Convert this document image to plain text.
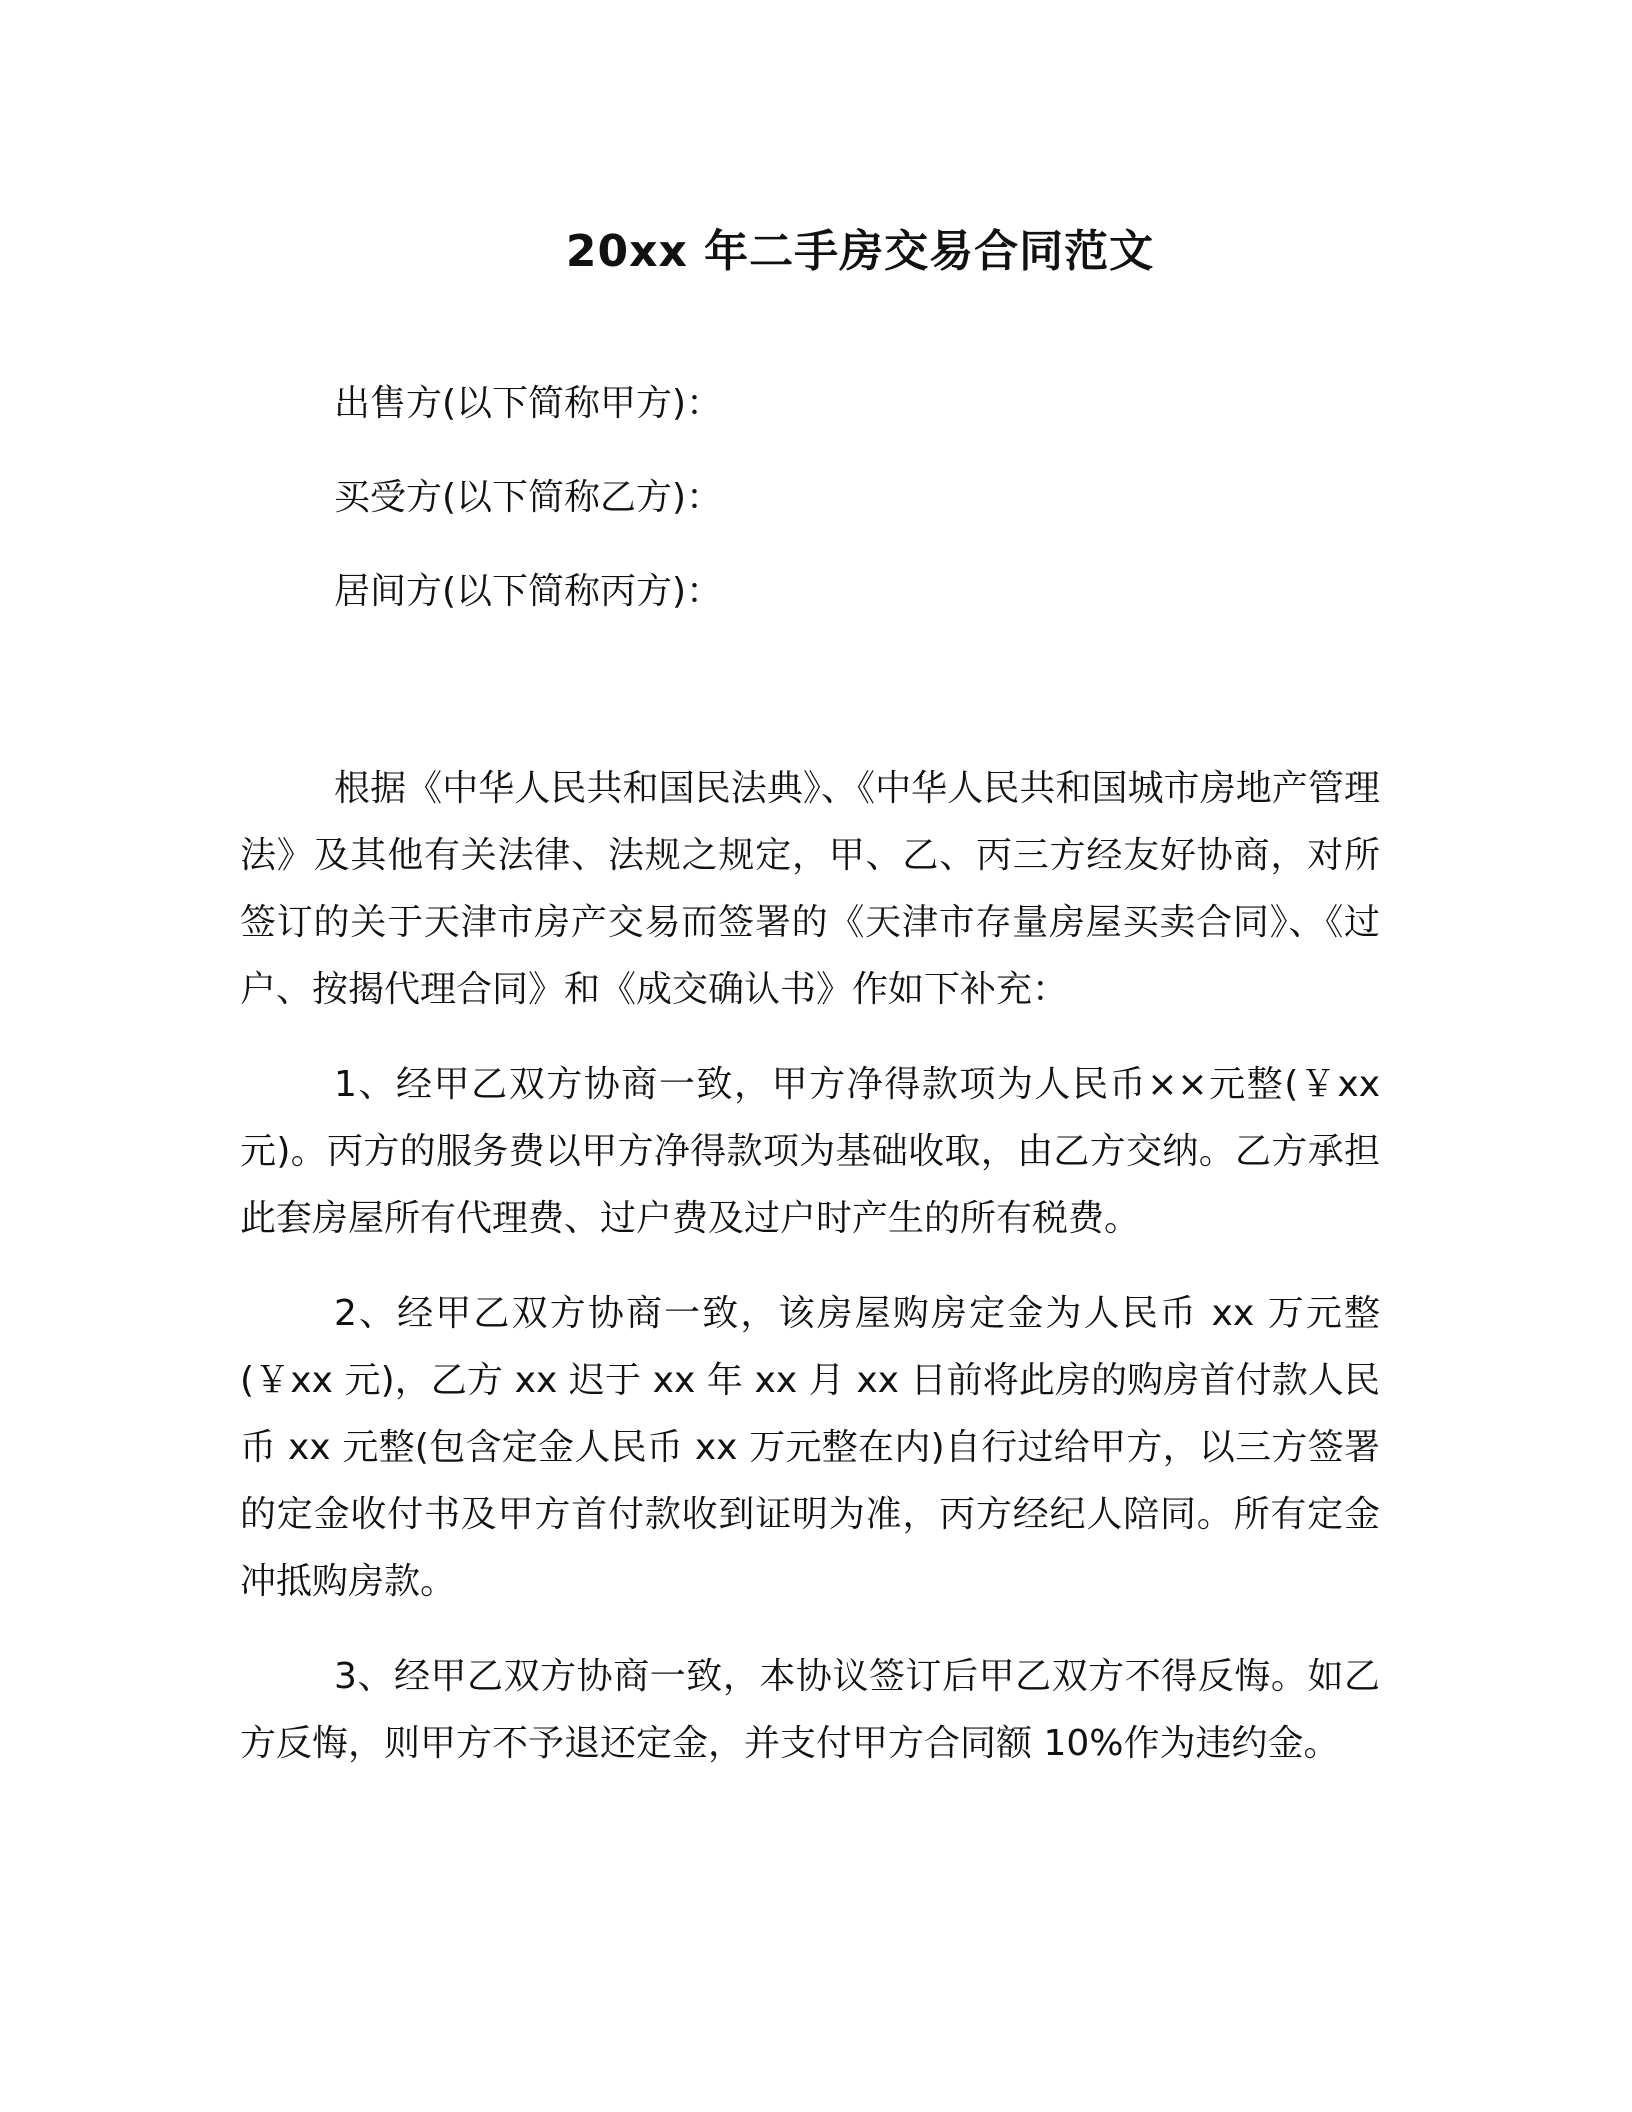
20xx 年二手房交易合同范文
出售方(以下简称甲方)：
买受方(以下简称乙方)：
居间方(以下简称丙方)：

根据《中华人民共和国民法典》、《中华人民共和国城市房地产管理法》及其他有关法律、法规之规定，甲、乙、丙三方经友好协商，对所签订的关于天津市房产交易而签署的《天津市存量房屋买卖合同》、《过户、按揭代理合同》和《成交确认书》作如下补充：

1、经甲乙双方协商一致，甲方净得款项为人民币××元整(￥xx 元)。丙方的服务费以甲方净得款项为基础收取，由乙方交纳。乙方承担此套房屋所有代理费、过户费及过户时产生的所有税费。

2、经甲乙双方协商一致，该房屋购房定金为人民币 xx 万元整(￥xx 元)，乙方 xx 迟于 xx 年 xx 月 xx 日前将此房的购房首付款人民币 xx 元整(包含定金人民币 xx 万元整在内)自行过给甲方，以三方签署的定金收付书及甲方首付款收到证明为准，丙方经纪人陪同。所有定金冲抵购房款。

3、经甲乙双方协商一致，本协议签订后甲乙双方不得反悔。如乙方反悔，则甲方不予退还定金，并支付甲方合同额 10%作为违约金。
